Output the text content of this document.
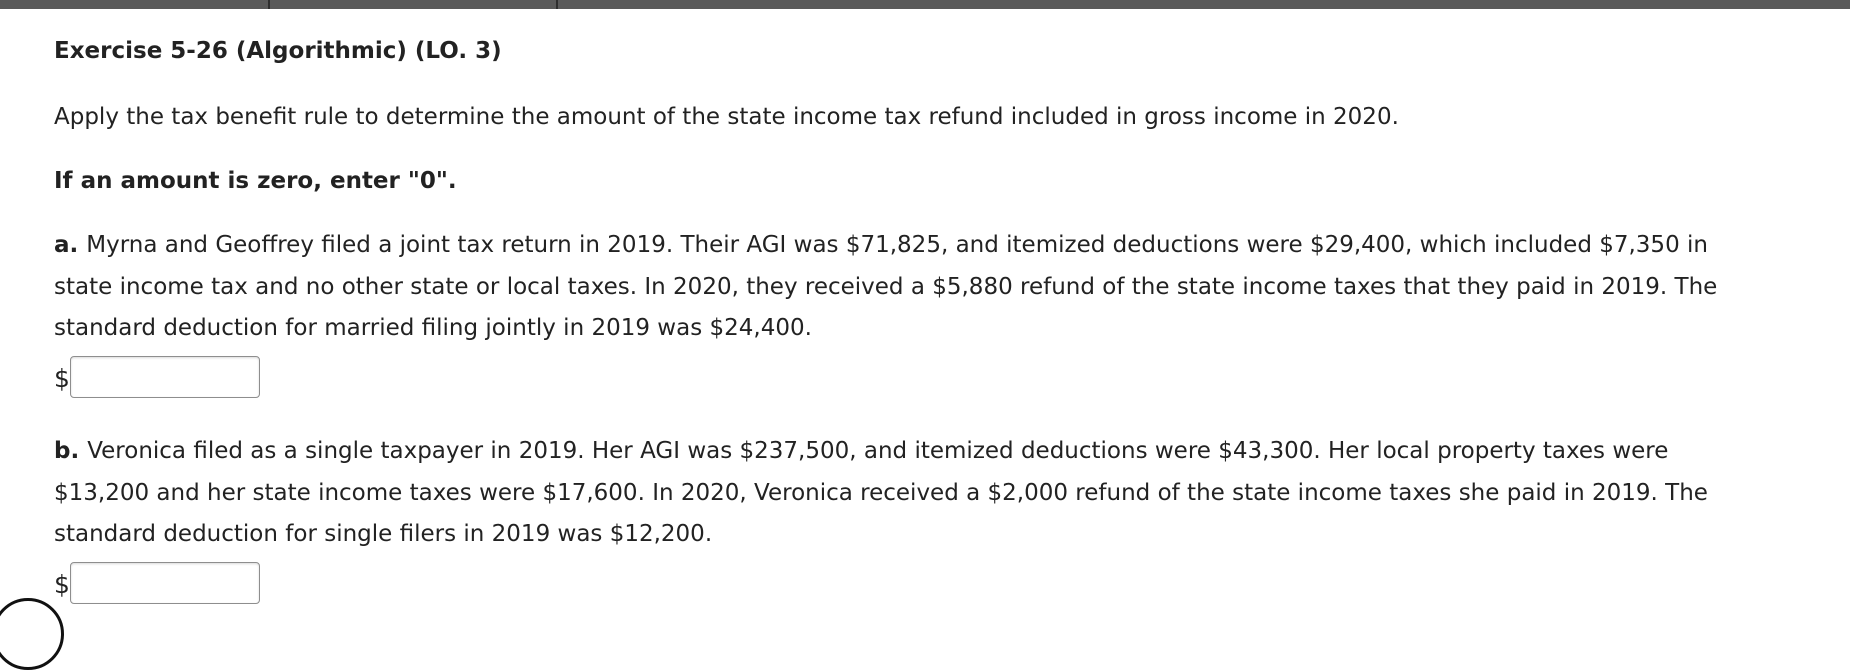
Exercise 5-26 (Algorithmic) (LO. 3)
Apply the tax benefit rule to determine the amount of the state income tax refund included in gross income in 2020.
If an amount is zero, enter "0".
a. Myrna and Geoffrey filed a joint tax return in 2019. Their AGI was $71,825, and itemized deductions were $29,400, which included $7,350 in state income tax and no other state or local taxes. In 2020, they received a $5,880 refund of the state income taxes that they paid in 2019. The standard deduction for married filing jointly in 2019 was $24,400.
$
b. Veronica filed as a single taxpayer in 2019. Her AGI was $237,500, and itemized deductions were $43,300. Her local property taxes were $13,200 and her state income taxes were $17,600. In 2020, Veronica received a $2,000 refund of the state income taxes she paid in 2019. The standard deduction for single filers in 2019 was $12,200.
$
